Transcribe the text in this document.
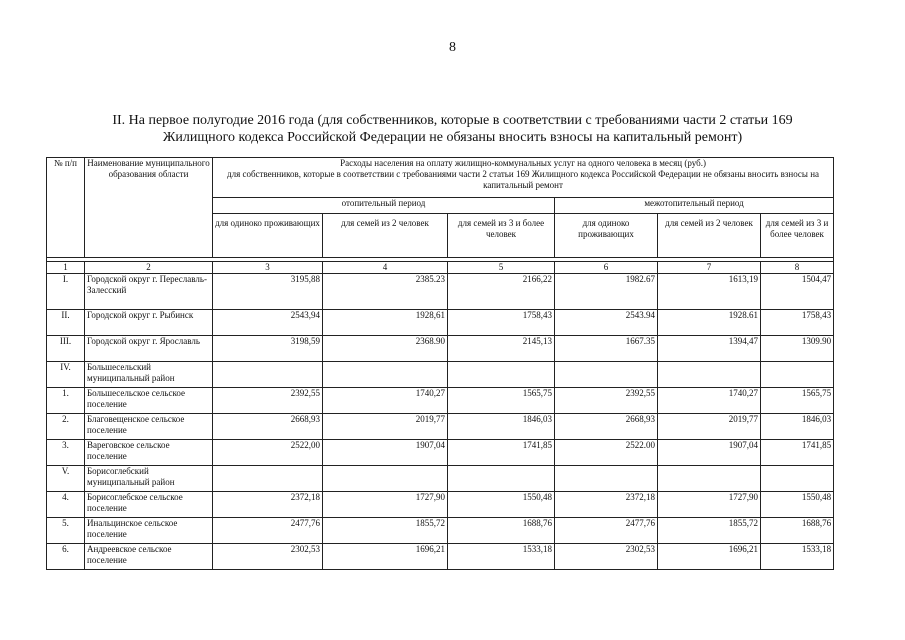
8
II. На первое полугодие 2016 года (для собственников, которые в соответствии с требованиями части 2 статьи 169
Жилищного кодекса Российской Федерации не обязаны вносить взносы на капитальный ремонт)
№ п/п	Наименование муниципального образования области	Расходы населения на оплату жилищно-коммунальных услуг на одного человека в месяц (руб.)
для собственников, которые в соответствии с требованиями части 2 статьи 169 Жилищного кодекса Российской Федерации не обязаны вносить взносы на капитальный ремонт					

		отопительный период			межотопительный период		
		для одиноко проживающих	для семей из 2 человек	для семей из 3 и более человек	для одиноко проживающих	для семей из 2 человек	для семей из 3 и более человек

1	2	3	4	5	6	7	8
I.	Городской округ г. Переславль-Залесский	3195,88	2385.23	2166,22	1982.67	1613,19	1504,47
II.	Городской округ г. Рыбинск	2543,94	1928,61	1758,43	2543.94	1928.61	1758,43
III.	Городской округ г. Ярославль	3198,59	2368.90	2145,13	1667.35	1394,47	1309.90
IV.	Большесельский муниципальный район						
1.	Большесельское сельское поселение	2392,55	1740,27	1565,75	2392,55	1740,27	1565,75
2.	Благовещенское сельское поселение	2668,93	2019,77	1846,03	2668,93	2019,77	1846,03
3.	Вареговское сельское поселение	2522,00	1907,04	1741,85	2522.00	1907,04	1741,85
V.	Борисоглебский муниципальный район						
4.	Борисоглебское сельское поселение	2372,18	1727,90	1550,48	2372,18	1727,90	1550,48
5.	Инальцинское сельское поселение	2477,76	1855,72	1688,76	2477,76	1855,72	1688,76
6.	Андреевское сельское поселение	2302,53	1696,21	1533,18	2302,53	1696,21	1533,18
